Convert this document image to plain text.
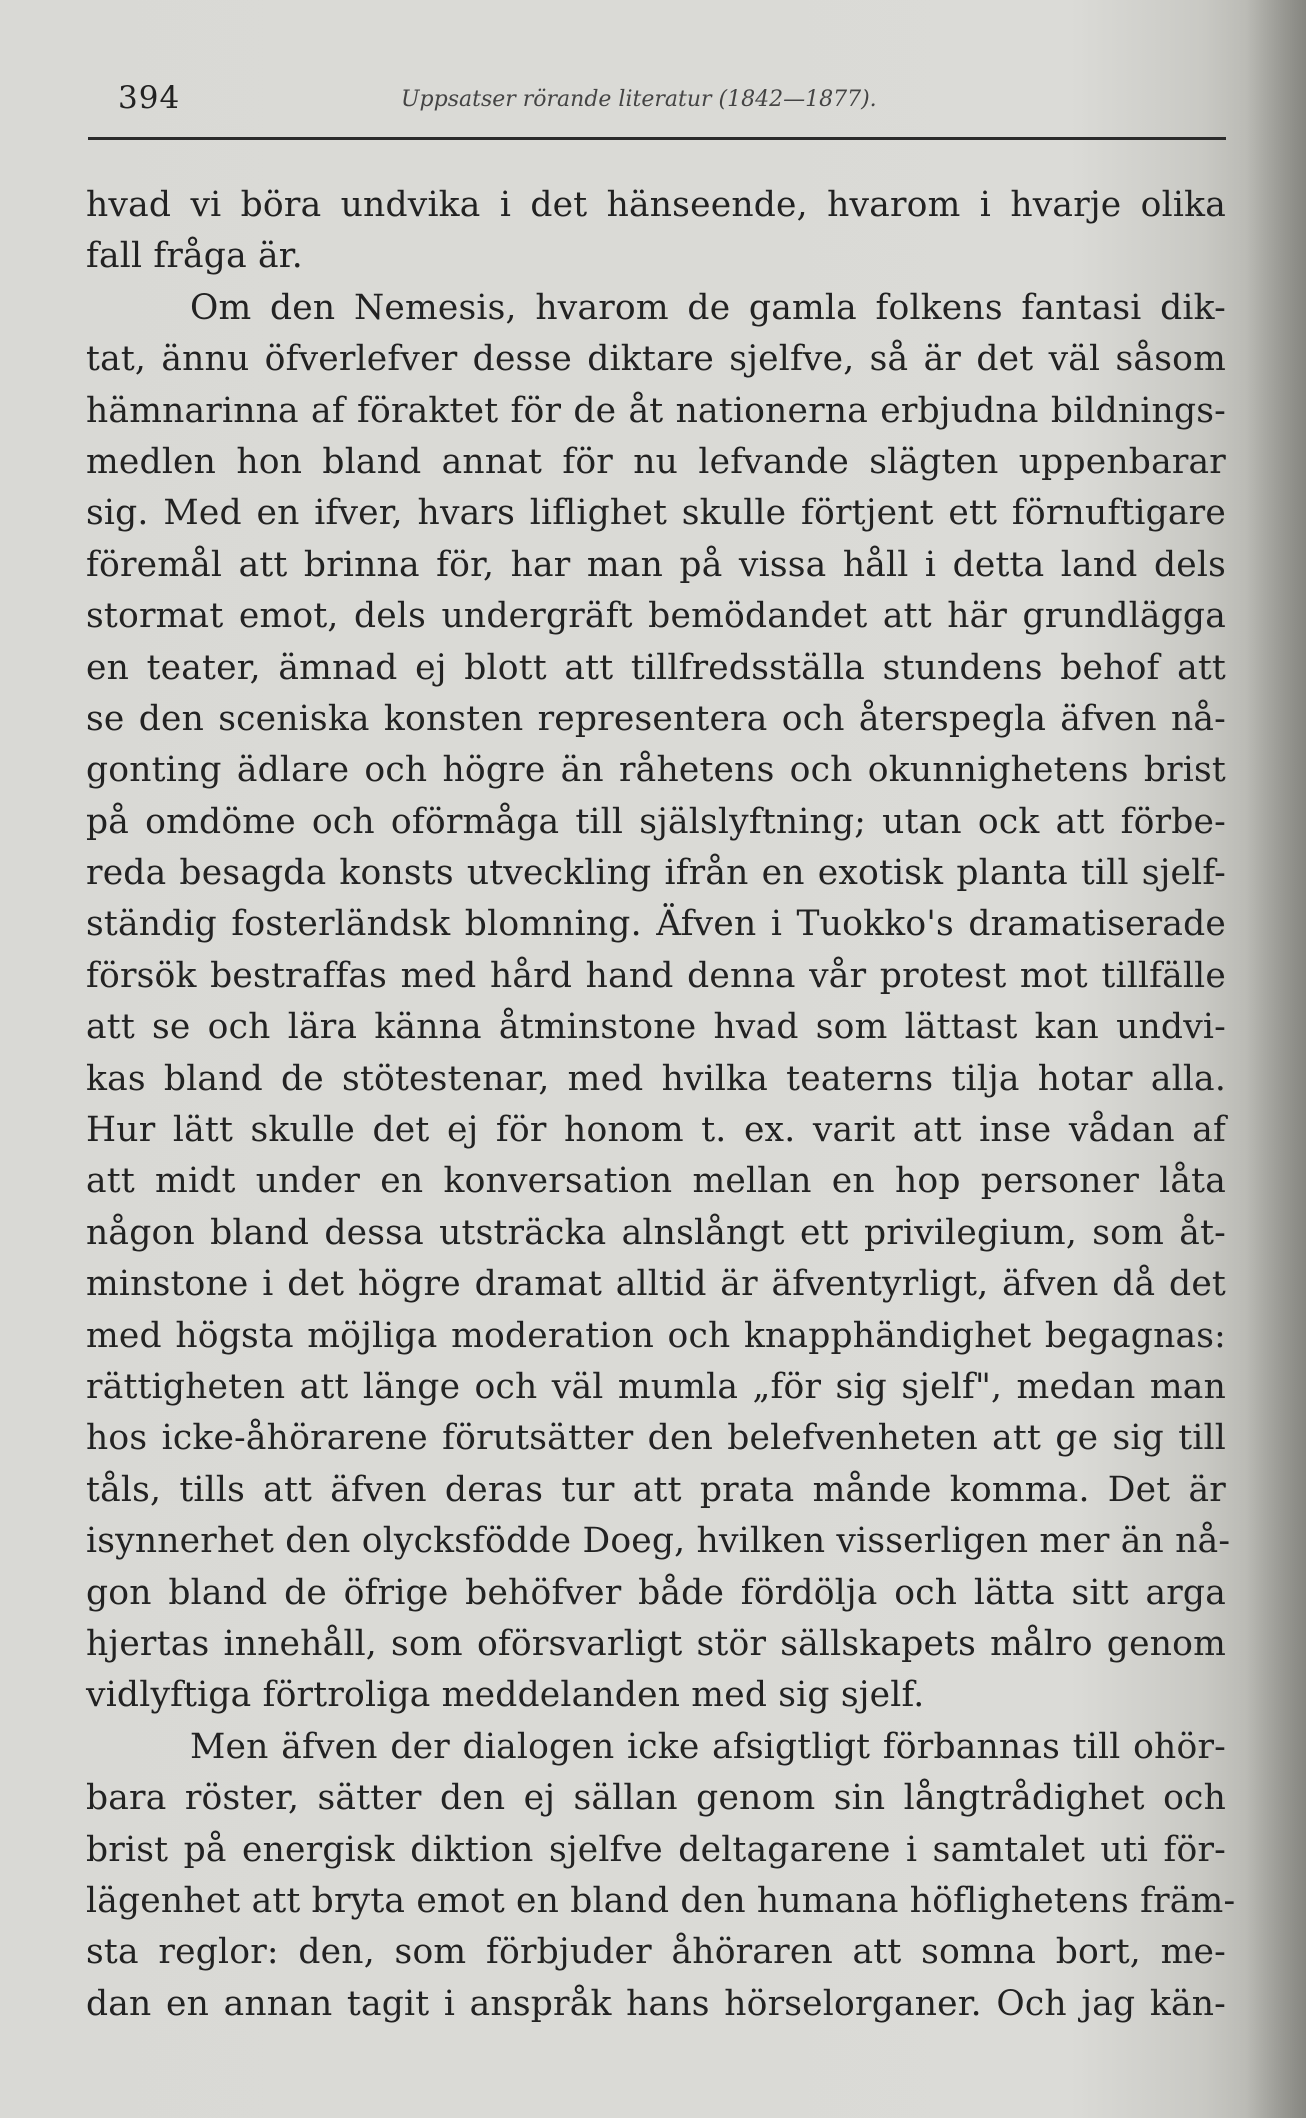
394	Uppsatser rörande literatur (1842—1877).
hvad vi böra undvika i det hänseende, hvarom i hvarje olika
fall fråga är.
Om den Nemesis, hvarom de gamla folkens fantasi dik-
tat, ännu öfverlefver desse diktare sjelfve, så är det väl såsom
hämnarinna af föraktet för de åt nationerna erbjudna bildnings-
medlen hon bland annat för nu lefvande slägten uppenbarar
sig. Med en ifver, hvars liflighet skulle förtjent ett förnuftigare
föremål att brinna för, har man på vissa håll i detta land dels
stormat emot, dels undergräft bemödandet att här grundlägga
en teater, ämnad ej blott att tillfredsställa stundens behof att
se den sceniska konsten representera och återspegla äfven nå-
gonting ädlare och högre än råhetens och okunnighetens brist
på omdöme och oförmåga till själslyftning; utan ock att förbe-
reda besagda konsts utveckling ifrån en exotisk planta till sjelf-
ständig fosterländsk blomning. Äfven i Tuokko's dramatiserade
försök bestraffas med hård hand denna vår protest mot tillfälle
att se och lära känna åtminstone hvad som lättast kan undvi-
kas bland de stötestenar, med hvilka teaterns tilja hotar alla.
Hur lätt skulle det ej för honom t. ex. varit att inse vådan af
att midt under en konversation mellan en hop personer låta
någon bland dessa utsträcka alnslångt ett privilegium, som åt-
minstone i det högre dramat alltid är äfventyrligt, äfven då det
med högsta möjliga moderation och knapphändighet begagnas:
rättigheten att länge och väl mumla „för sig sjelf", medan man
hos icke-åhörarene förutsätter den belefvenheten att ge sig till
tåls, tills att äfven deras tur att prata månde komma. Det är
isynnerhet den olycksfödde Doeg, hvilken visserligen mer än nå-
gon bland de öfrige behöfver både fördölja och lätta sitt arga
hjertas innehåll, som oförsvarligt stör sällskapets målro genom
vidlyftiga förtroliga meddelanden med sig sjelf.
Men äfven der dialogen icke afsigtligt förbannas till ohör-
bara röster, sätter den ej sällan genom sin långtrådighet och
brist på energisk diktion sjelfve deltagarene i samtalet uti för-
lägenhet att bryta emot en bland den humana höflighetens främ-
sta reglor: den, som förbjuder åhöraren att somna bort, me-
dan en annan tagit i anspråk hans hörselorganer. Och jag kän-
